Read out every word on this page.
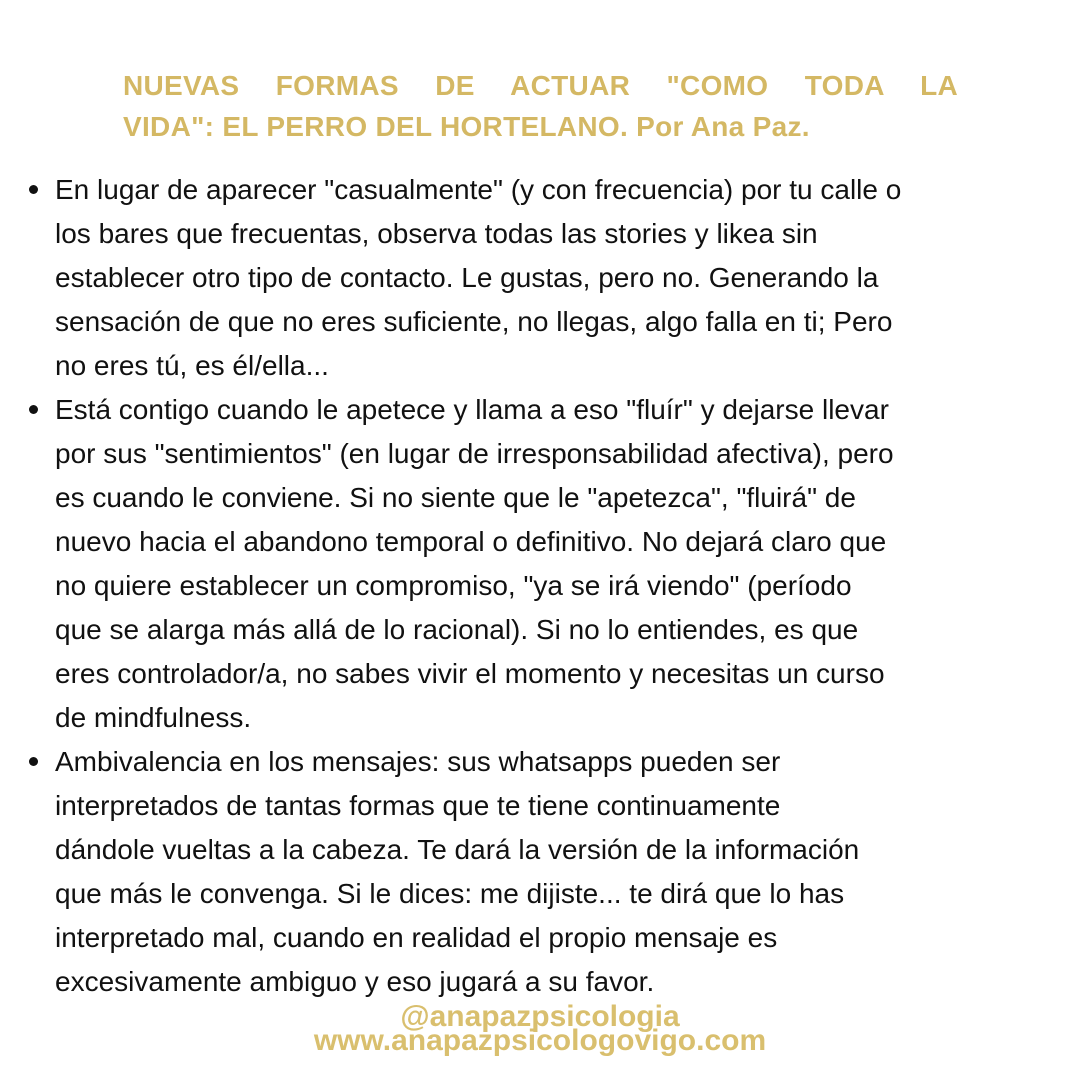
NUEVAS FORMAS DE ACTUAR "COMO TODA LA
VIDA": EL PERRO DEL HORTELANO. Por Ana Paz.
En lugar de aparecer "casualmente" (y con frecuencia) por tu calle o
los bares que frecuentas, observa todas las stories y likea sin
establecer otro tipo de contacto. Le gustas, pero no. Generando la
sensación de que no eres suficiente, no llegas, algo falla en ti; Pero
no eres tú, es él/ella...
Está contigo cuando le apetece y llama a eso "fluír" y dejarse llevar
por sus "sentimientos" (en lugar de irresponsabilidad afectiva), pero
es cuando le conviene. Si no siente que le "apetezca", "fluirá" de
nuevo hacia el abandono temporal o definitivo. No dejará claro que
no quiere establecer un compromiso, "ya se irá viendo" (período
que se alarga más allá de lo racional). Si no lo entiendes, es que
eres controlador/a, no sabes vivir el momento y necesitas un curso
de mindfulness.
Ambivalencia en los mensajes: sus whatsapps pueden ser
interpretados de tantas formas que te tiene continuamente
dándole vueltas a la cabeza. Te dará la versión de la información
que más le convenga. Si le dices: me dijiste... te dirá que lo has
interpretado mal, cuando en realidad el propio mensaje es
excesivamente ambiguo y eso jugará a su favor.
@anapazpsicologia
www.anapazpsicologovigo.com
